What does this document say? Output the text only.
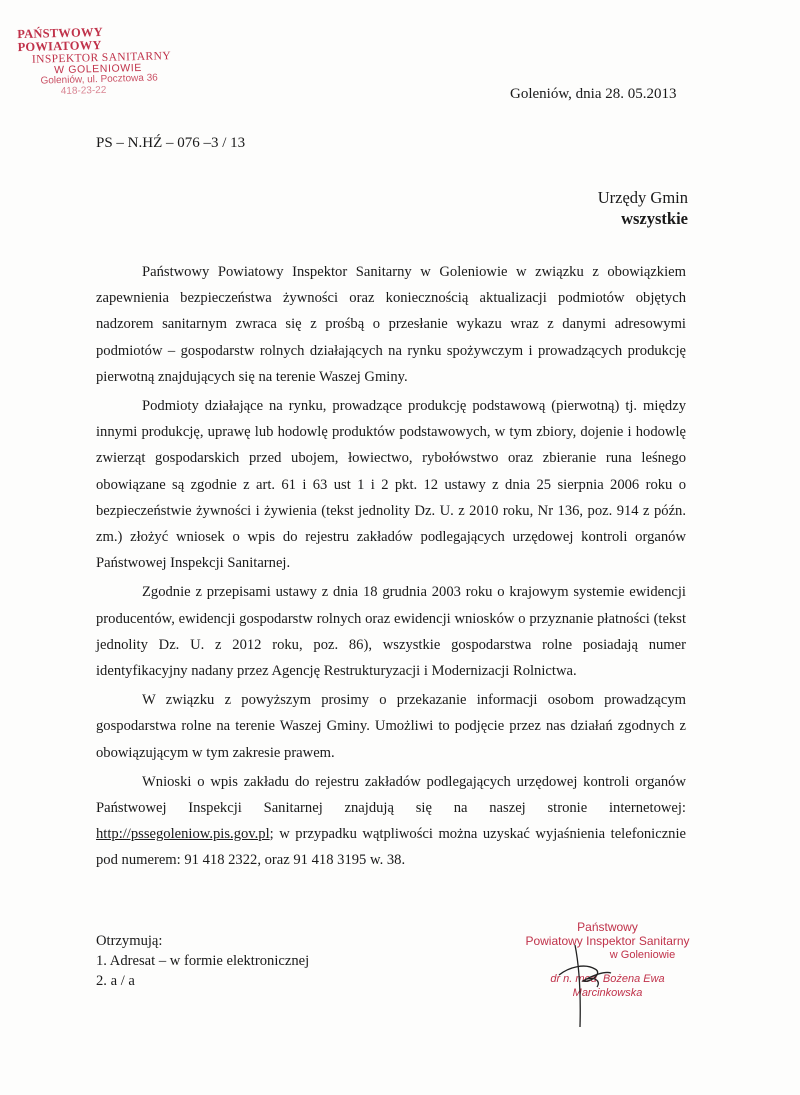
PAŃSTWOWY POWIATOWY
INSPEKTOR SANITARNY
W GOLENIOWIE
Goleniów, ul. Pocztowa 36
418-23-22	Goleniów, dnia 28. 05.2013
PS – N.HŹ – 076 –3 / 13
Urzędy Gmin
wszystkie

Państwowy Powiatowy Inspektor Sanitarny w Goleniowie w związku z obowiązkiem zapewnienia bezpieczeństwa żywności oraz koniecznością aktualizacji podmiotów objętych nadzorem sanitarnym zwraca się z prośbą o przesłanie wykazu wraz z danymi adresowymi podmiotów – gospodarstw rolnych działających na rynku spożywczym i prowadzących produkcję pierwotną znajdujących się na terenie Waszej Gminy.

Podmioty działające na rynku, prowadzące produkcję podstawową (pierwotną) tj. między innymi produkcję, uprawę lub hodowlę produktów podstawowych, w tym zbiory, dojenie i hodowlę zwierząt gospodarskich przed ubojem, łowiectwo, rybołówstwo oraz zbieranie runa leśnego obowiązane są zgodnie z art. 61 i 63 ust 1 i 2 pkt. 12 ustawy z dnia 25 sierpnia 2006 roku o bezpieczeństwie żywności i żywienia (tekst jednolity Dz. U. z 2010 roku, Nr 136, poz. 914 z późn. zm.) złożyć wniosek o wpis do rejestru zakładów podlegających urzędowej kontroli organów Państwowej Inspekcji Sanitarnej.

Zgodnie z przepisami ustawy z dnia 18 grudnia 2003 roku o krajowym systemie ewidencji producentów, ewidencji gospodarstw rolnych oraz ewidencji wniosków o przyznanie płatności (tekst jednolity Dz. U. z 2012 roku, poz. 86), wszystkie gospodarstwa rolne posiadają numer identyfikacyjny nadany przez Agencję Restrukturyzacji i Modernizacji Rolnictwa.

W związku z powyższym prosimy o przekazanie informacji osobom prowadzącym gospodarstwa rolne na terenie Waszej Gminy. Umożliwi to podjęcie przez nas działań zgodnych z obowiązującym w tym zakresie prawem.

Wnioski o wpis zakładu do rejestru zakładów podlegających urzędowej kontroli organów Państwowej Inspekcji Sanitarnej znajdują się na naszej stronie internetowej: http://pssegoleniow.pis.gov.pl; w przypadku wątpliwości można uzyskać wyjaśnienia telefonicznie pod numerem: 91 418 2322, oraz 91 418 3195 w. 38.

Otrzymują:
1. Adresat – w formie elektronicznej
2. a / a
Państwowy
Powiatowy Inspektor Sanitarny
w Goleniowie
dr n. med. Bożena Ewa Marcinkowska
